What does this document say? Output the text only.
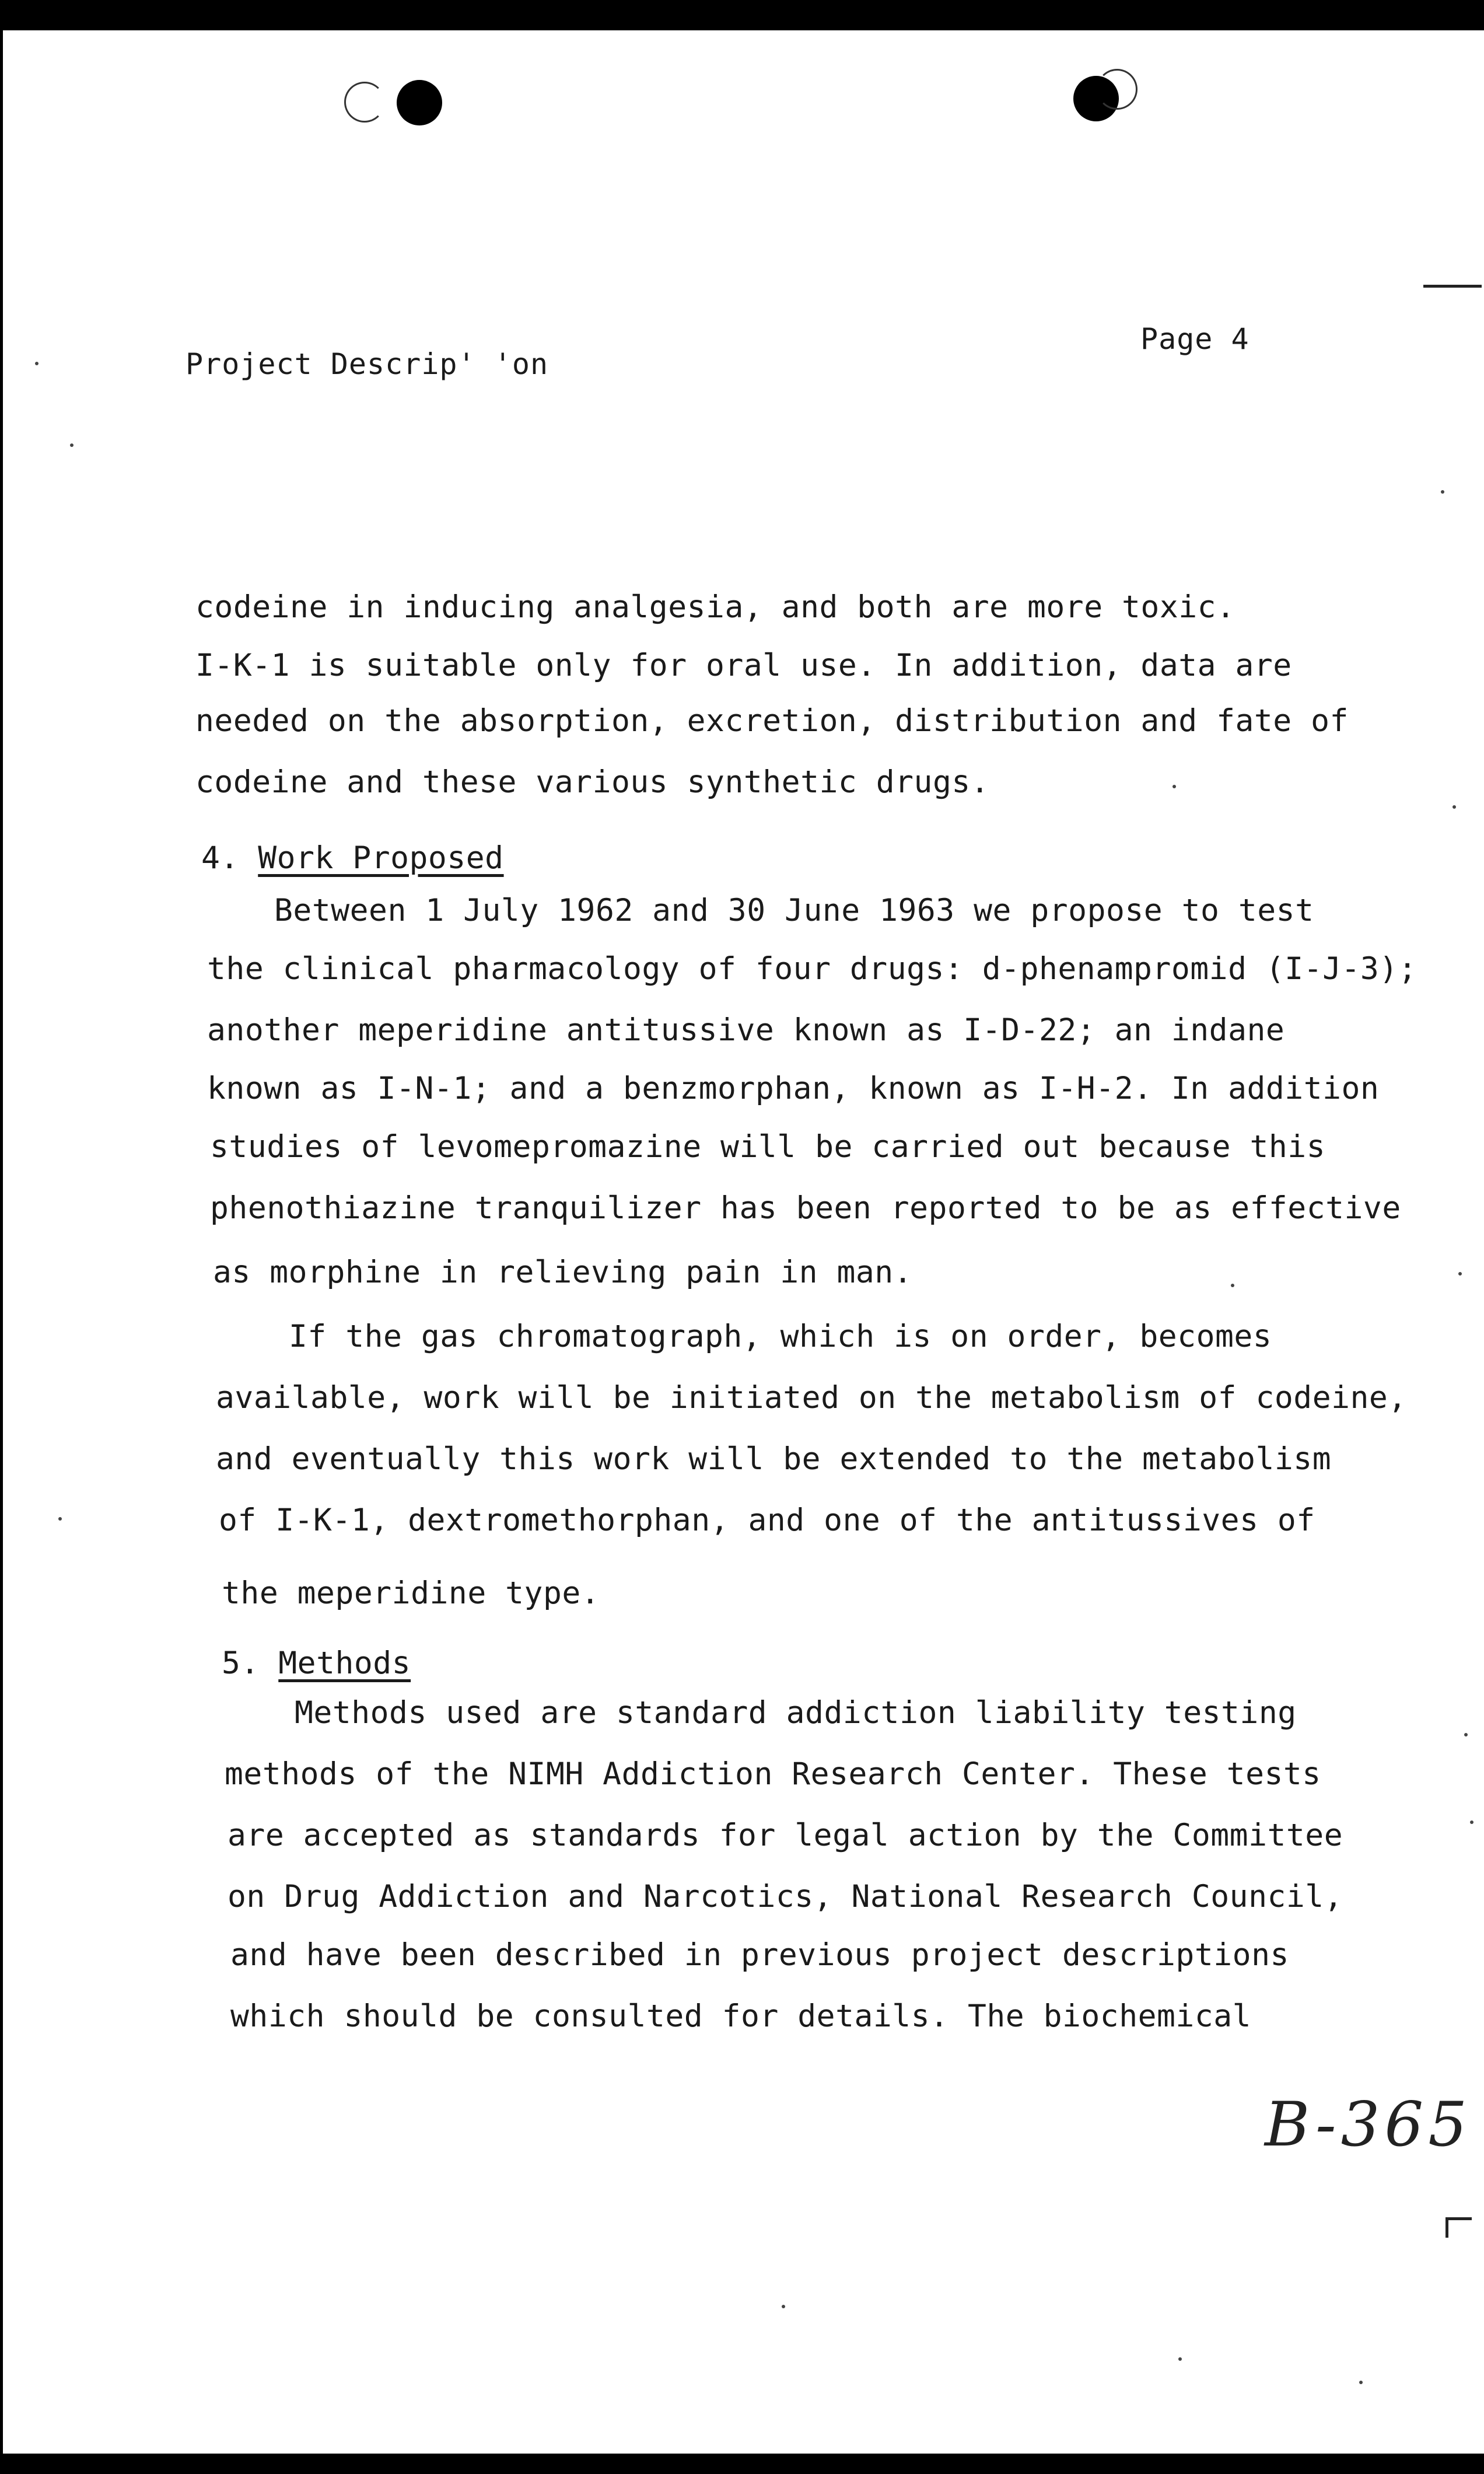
Project Descrip' 'on
Page 4
codeine in inducing analgesia, and both are more toxic.
I-K-1 is suitable only for oral use. In addition, data are
needed on the absorption, excretion, distribution and fate of
codeine and these various synthetic drugs.
4. Work Proposed
Between 1 July 1962 and 30 June 1963 we propose to test
the clinical pharmacology of four drugs: d-phenampromid (I-J-3);
another meperidine antitussive known as I-D-22; an indane
known as I-N-1; and a benzmorphan, known as I-H-2. In addition
studies of levomepromazine will be carried out because this
phenothiazine tranquilizer has been reported to be as effective
as morphine in relieving pain in man.
If the gas chromatograph, which is on order, becomes
available, work will be initiated on the metabolism of codeine,
and eventually this work will be extended to the metabolism
of I-K-1, dextromethorphan, and one of the antitussives of
the meperidine type.
5. Methods
Methods used are standard addiction liability testing
methods of the NIMH Addiction Research Center. These tests
are accepted as standards for legal action by the Committee
on Drug Addiction and Narcotics, National Research Council,
and have been described in previous project descriptions
which should be consulted for details. The biochemical
B-365
